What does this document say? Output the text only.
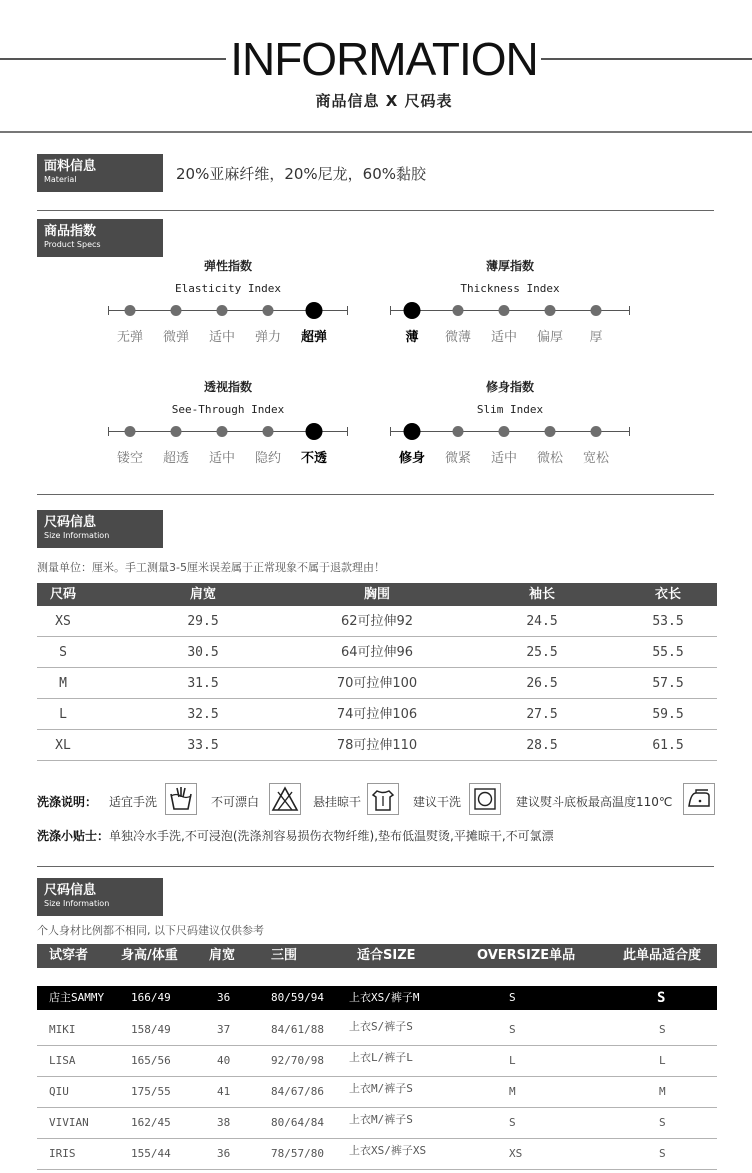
INFORMATION
商品信息 X 尺码表
面料信息
Material	20%亚麻纤维，20%尼龙，60%黏胶
商品指数
Product Specs
弹性指数
Elasticity Index
无弹 微弹 适中 弹力 超弹
薄厚指数
Thickness Index
薄 微薄 适中 偏厚 厚
透视指数
See-Through Index
镂空 超透 适中 隐约 不透
修身指数
Slim Index
修身 微紧 适中 微松 宽松
尺码信息
Size Information
测量单位：厘米。手工测量3-5厘米误差属于正常现象不属于退款理由！
尺码	肩宽	胸围	袖长	衣长
XS	29.5	62可拉伸92	24.5	53.5
S	30.5	64可拉伸96	25.5	55.5
M	31.5	70可拉伸100	26.5	57.5
L	32.5	74可拉伸106	27.5	59.5
XL	33.5	78可拉伸110	28.5	61.5
洗涤说明： 适宜手洗	不可漂白	悬挂晾干	建议干洗	建议熨斗底板最高温度110℃
洗涤小贴士：单独冷水手洗,不可浸泡(洗涤剂容易损伤衣物纤维),垫布低温熨烫,平摊晾干,不可氯漂
尺码信息
Size Information
个人身材比例都不相同, 以下尺码建议仅供参考
试穿者	身高/体重 肩宽	三围	适合SIZE	OVERSIZE单品	此单品适合度
店主SAMMY 166/49	36	80/59/94 上衣XS/裤子M	S	S
MIKI	158/49	37	84/61/88 上衣S/裤子S	S	S
LISA	165/56	40	92/70/98 上衣L/裤子L	L	L
QIU	175/55	41	84/67/86 上衣M/裤子S	M	M
VIVIAN	162/45	38	80/64/84 上衣M/裤子S	S	S
IRIS	155/44	36	78/57/80 上衣XS/裤子XS	XS	S
